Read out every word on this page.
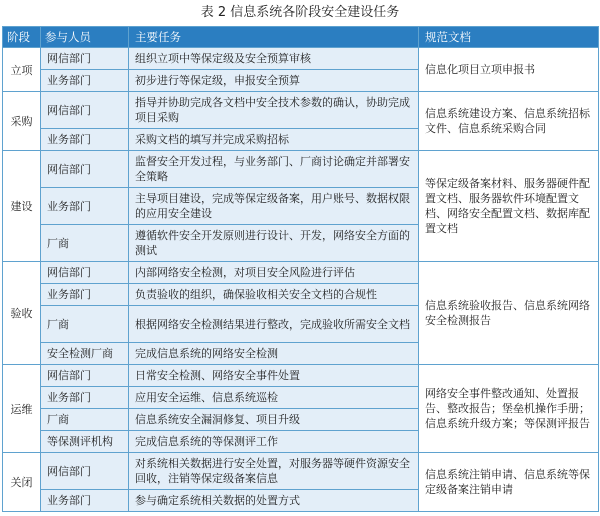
表 2 信息系统各阶段安全建设任务
阶段	参与人员	主要任务	规范文档
立项	网信部门	组织立项中等保定级及安全预算审核	信息化项目立项申报书
	业务部门	初步进行等保定级，申报安全预算	
采购	网信部门	指导并协助完成各文档中安全技术参数的确认，协助完成项目采购	信息系统建设方案、信息系统招标文件、信息系统采购合同
	业务部门	采购文档的填写并完成采购招标	
建设	网信部门	监督安全开发过程，与业务部门、厂商讨论确定并部署安全策略	等保定级备案材料、服务器硬件配置文档、服务器软件环境配置文档、网络安全配置文档、数据库配置文档
	业务部门	主导项目建设，完成等保定级备案，用户账号、数据权限的应用安全建设	
	厂商	遵循软件安全开发原则进行设计、开发，网络安全方面的测试	
验收	网信部门	内部网络安全检测，对项目安全风险进行评估	信息系统验收报告、信息系统网络安全检测报告
	业务部门	负责验收的组织，确保验收相关安全文档的合规性	
	厂商	根据网络安全检测结果进行整改，完成验收所需安全文档	
	安全检测厂商	完成信息系统的网络安全检测	
运维	网信部门	日常安全检测、网络安全事件处置	网络安全事件整改通知、处置报告、整改报告；堡垒机操作手册；信息系统升级方案；等保测评报告
	业务部门	应用安全运维、信息系统巡检	
	厂商	信息系统安全漏洞修复、项目升级	
	等保测评机构	完成信息系统的等保测评工作	
关闭	网信部门	对系统相关数据进行安全处置，对服务器等硬件资源安全回收，注销等保定级备案信息	信息系统注销申请、信息系统等保定级备案注销申请
	业务部门	参与确定系统相关数据的处置方式	
